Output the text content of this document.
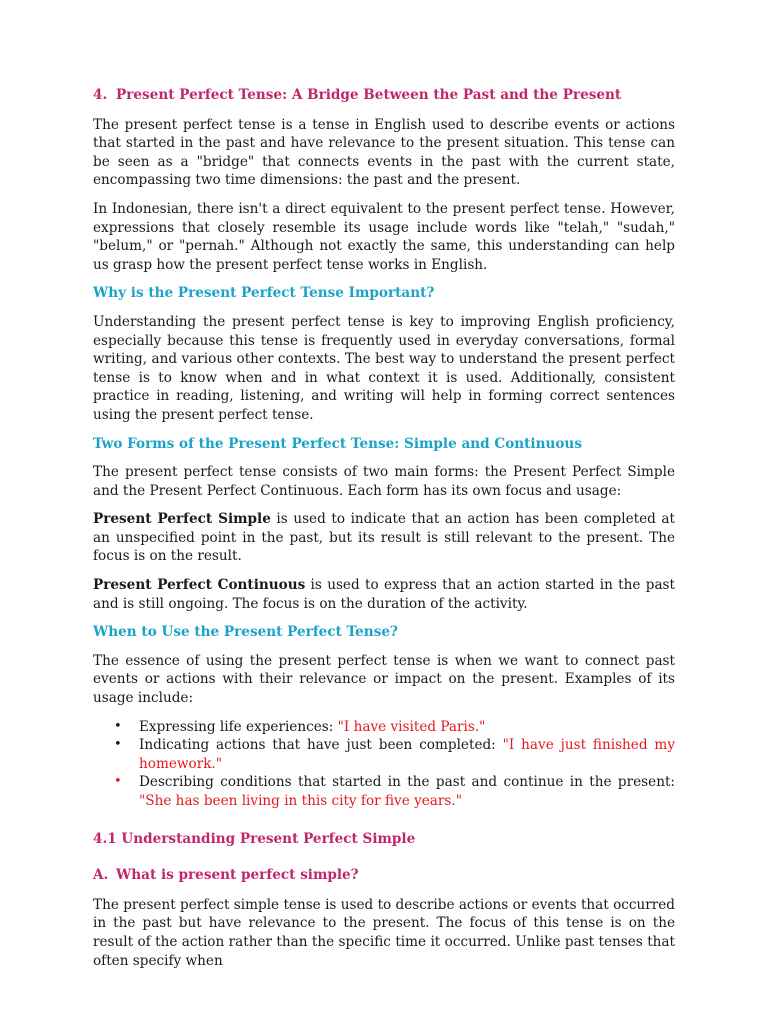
4. Present Perfect Tense: A Bridge Between the Past and the Present

The present perfect tense is a tense in English used to describe events or actions that started in the past and have relevance to the present situation. This tense can be seen as a "bridge" that connects events in the past with the current state, encompassing two time dimensions: the past and the present.

In Indonesian, there isn't a direct equivalent to the present perfect tense. However, expressions that closely resemble its usage include words like "telah," "sudah," "belum," or "pernah." Although not exactly the same, this understanding can help us grasp how the present perfect tense works in English.

Why is the Present Perfect Tense Important?

Understanding the present perfect tense is key to improving English proficiency, especially because this tense is frequently used in everyday conversations, formal writing, and various other contexts. The best way to understand the present perfect tense is to know when and in what context it is used. Additionally, consistent practice in reading, listening, and writing will help in forming correct sentences using the present perfect tense.

Two Forms of the Present Perfect Tense: Simple and Continuous

The present perfect tense consists of two main forms: the Present Perfect Simple and the Present Perfect Continuous. Each form has its own focus and usage:

Present Perfect Simple is used to indicate that an action has been completed at an unspecified point in the past, but its result is still relevant to the present. The focus is on the result.

Present Perfect Continuous is used to express that an action started in the past and is still ongoing. The focus is on the duration of the activity.

When to Use the Present Perfect Tense?

The essence of using the present perfect tense is when we want to connect past events or actions with their relevance or impact on the present. Examples of its usage include:

• Expressing life experiences: "I have visited Paris."
• Indicating actions that have just been completed: "I have just finished my homework."
• Describing conditions that started in the past and continue in the present: "She has been living in this city for five years."
4.1 Understanding Present Perfect Simple
A. What is present perfect simple?

The present perfect simple tense is used to describe actions or events that occurred in the past but have relevance to the present. The focus of this tense is on the result of the action rather than the specific time it occurred. Unlike past tenses that often specify when
